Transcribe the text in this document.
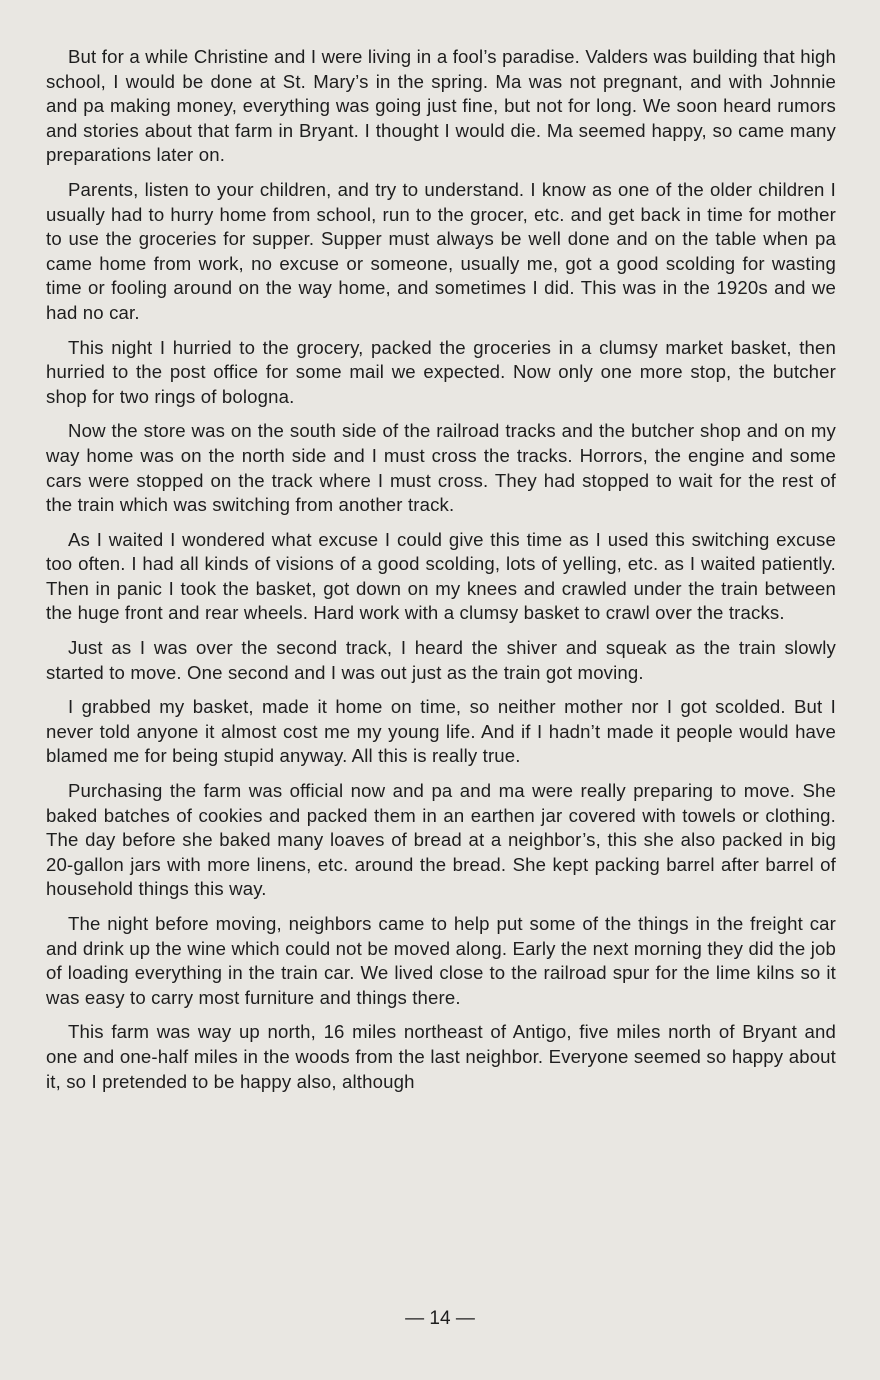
But for a while Christine and I were living in a fool’s paradise. Valders was building that high school, I would be done at St. Mary’s in the spring. Ma was not pregnant, and with Johnnie and pa making money, everything was going just fine, but not for long. We soon heard rumors and stories about that farm in Bryant. I thought I would die. Ma seemed happy, so came many preparations later on.

Parents, listen to your children, and try to understand. I know as one of the older children I usually had to hurry home from school, run to the grocer, etc. and get back in time for mother to use the groceries for supper. Supper must always be well done and on the table when pa came home from work, no excuse or someone, usually me, got a good scolding for wasting time or fooling around on the way home, and sometimes I did. This was in the 1920s and we had no car.

This night I hurried to the grocery, packed the groceries in a clumsy market basket, then hurried to the post office for some mail we expected. Now only one more stop, the butcher shop for two rings of bologna.

Now the store was on the south side of the railroad tracks and the butcher shop and on my way home was on the north side and I must cross the tracks. Horrors, the engine and some cars were stopped on the track where I must cross. They had stopped to wait for the rest of the train which was switching from another track.

As I waited I wondered what excuse I could give this time as I used this switching excuse too often. I had all kinds of visions of a good scolding, lots of yelling, etc. as I waited patiently. Then in panic I took the basket, got down on my knees and crawled under the train between the huge front and rear wheels. Hard work with a clumsy basket to crawl over the tracks.

Just as I was over the second track, I heard the shiver and squeak as the train slowly started to move. One second and I was out just as the train got moving.

I grabbed my basket, made it home on time, so neither mother nor I got scolded. But I never told anyone it almost cost me my young life. And if I hadn’t made it people would have blamed me for being stupid anyway. All this is really true.

Purchasing the farm was official now and pa and ma were really preparing to move. She baked batches of cookies and packed them in an earthen jar covered with towels or clothing. The day before she baked many loaves of bread at a neighbor’s, this she also packed in big 20-gallon jars with more linens, etc. around the bread. She kept packing barrel after barrel of household things this way.

The night before moving, neighbors came to help put some of the things in the freight car and drink up the wine which could not be moved along. Early the next morning they did the job of loading everything in the train car. We lived close to the railroad spur for the lime kilns so it was easy to carry most furniture and things there.

This farm was way up north, 16 miles northeast of Antigo, five miles north of Bryant and one and one-half miles in the woods from the last neighbor. Everyone seemed so happy about it, so I pretended to be happy also, although

— 14 —
